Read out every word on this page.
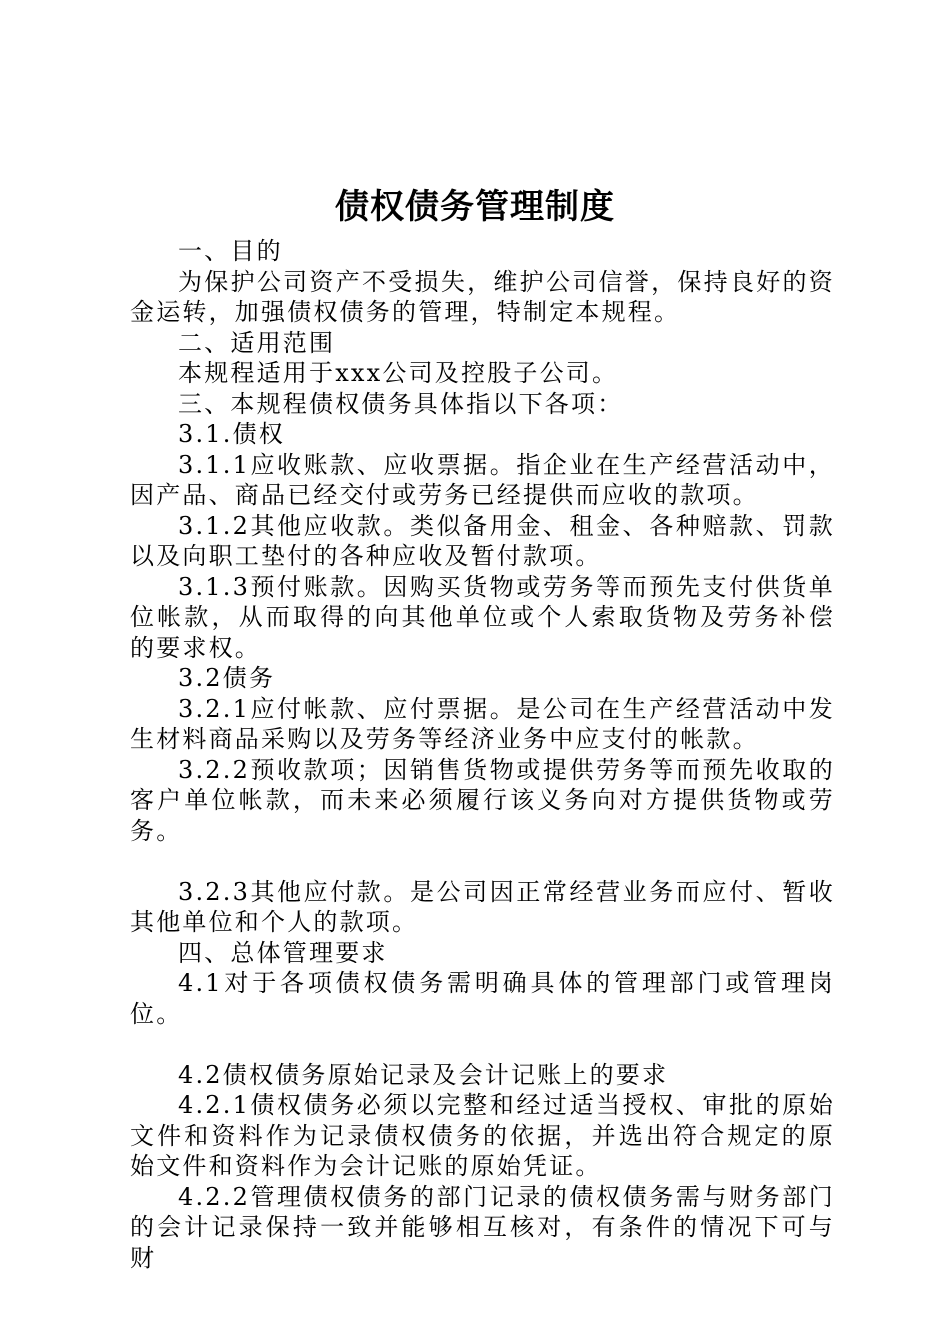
债权债务管理制度

一、目的

为保护公司资产不受损失，维护公司信誉，保持良好的资金运转，加强债权债务的管理，特制定本规程。

二、适用范围

本规程适用于xxx公司及控股子公司。

三、本规程债权债务具体指以下各项：

3.1.债权

3.1.1应收账款、应收票据。指企业在生产经营活动中，因产品、商品已经交付或劳务已经提供而应收的款项。

3.1.2其他应收款。类似备用金、租金、各种赔款、罚款以及向职工垫付的各种应收及暂付款项。

3.1.3预付账款。因购买货物或劳务等而预先支付供货单位帐款，从而取得的向其他单位或个人索取货物及劳务补偿的要求权。

3.2债务

3.2.1应付帐款、应付票据。是公司在生产经营活动中发生材料商品采购以及劳务等经济业务中应支付的帐款。

3.2.2预收款项；因销售货物或提供劳务等而预先收取的客户单位帐款，而未来必须履行该义务向对方提供货物或劳务。

3.2.3其他应付款。是公司因正常经营业务而应付、暂收其他单位和个人的款项。

四、总体管理要求

4.1对于各项债权债务需明确具体的管理部门或管理岗位。

4.2债权债务原始记录及会计记账上的要求

4.2.1债权债务必须以完整和经过适当授权、审批的原始文件和资料作为记录债权债务的依据，并选出符合规定的原始文件和资料作为会计记账的原始凭证。

4.2.2管理债权债务的部门记录的债权债务需与财务部门的会计记录保持一致并能够相互核对，有条件的情况下可与财
